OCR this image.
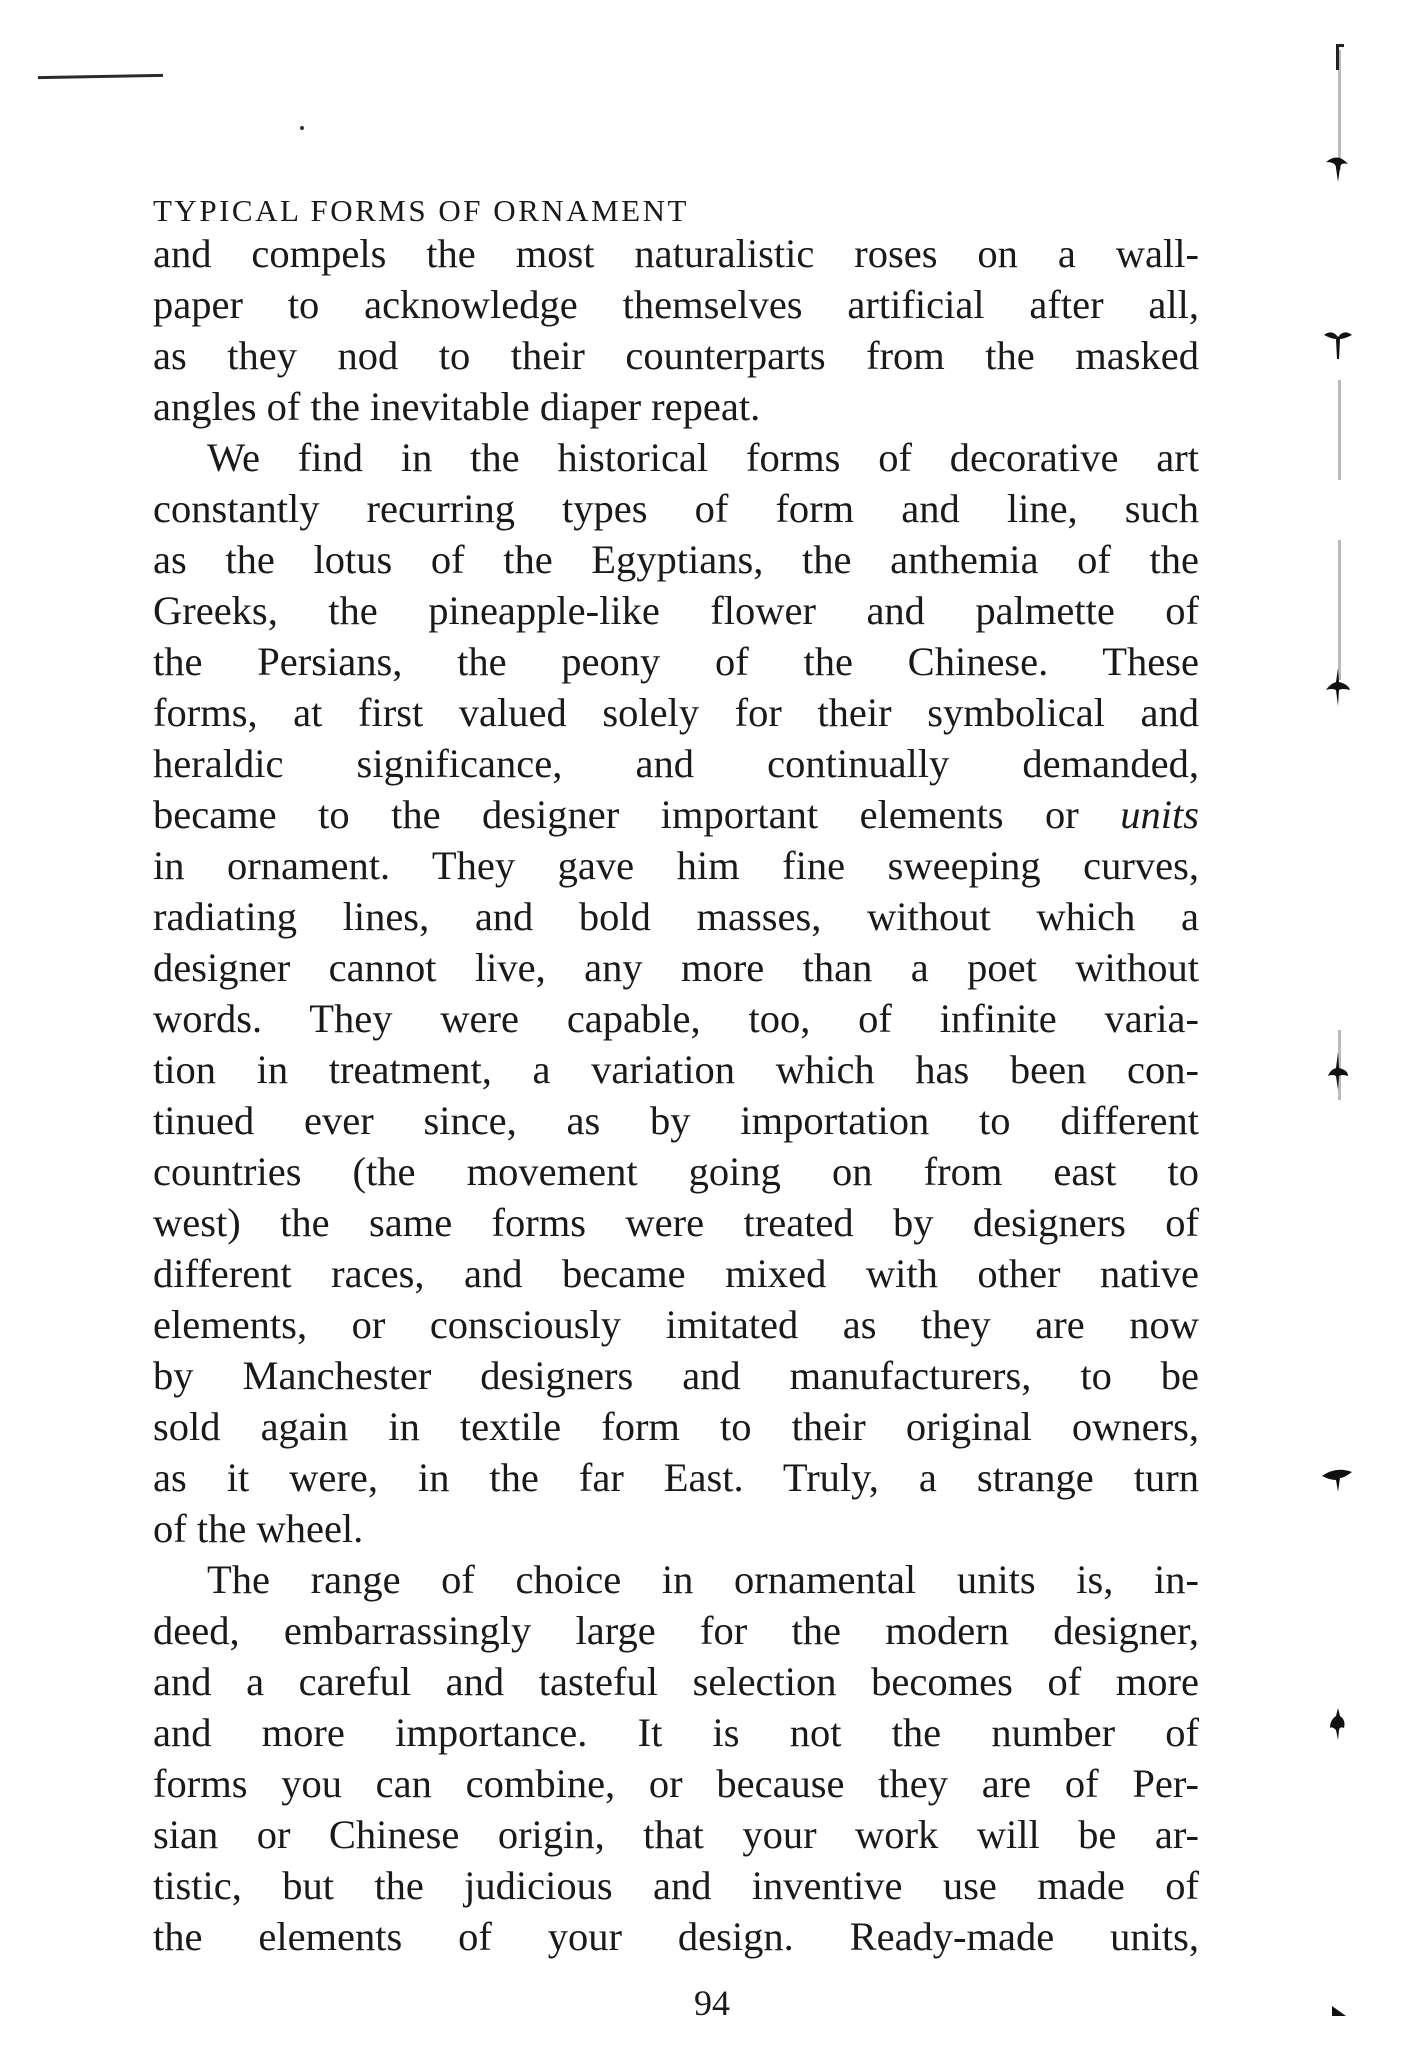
TYPICAL FORMS OF ORNAMENT
and compels the most naturalistic roses on a wall-
paper to acknowledge themselves artificial after all,
as they nod to their counterparts from the masked
angles of the inevitable diaper repeat.
We find in the historical forms of decorative art
constantly recurring types of form and line, such
as the lotus of the Egyptians, the anthemia of the
Greeks, the pineapple-like flower and palmette of
the Persians, the peony of the Chinese. These
forms, at first valued solely for their symbolical and
heraldic significance, and continually demanded,
became to the designer important elements or units
in ornament. They gave him fine sweeping curves,
radiating lines, and bold masses, without which a
designer cannot live, any more than a poet without
words. They were capable, too, of infinite varia-
tion in treatment, a variation which has been con-
tinued ever since, as by importation to different
countries (the movement going on from east to
west) the same forms were treated by designers of
different races, and became mixed with other native
elements, or consciously imitated as they are now
by Manchester designers and manufacturers, to be
sold again in textile form to their original owners,
as it were, in the far East. Truly, a strange turn
of the wheel.
The range of choice in ornamental units is, in-
deed, embarrassingly large for the modern designer,
and a careful and tasteful selection becomes of more
and more importance. It is not the number of
forms you can combine, or because they are of Per-
sian or Chinese origin, that your work will be ar-
tistic, but the judicious and inventive use made of
the elements of your design. Ready-made units,
94
